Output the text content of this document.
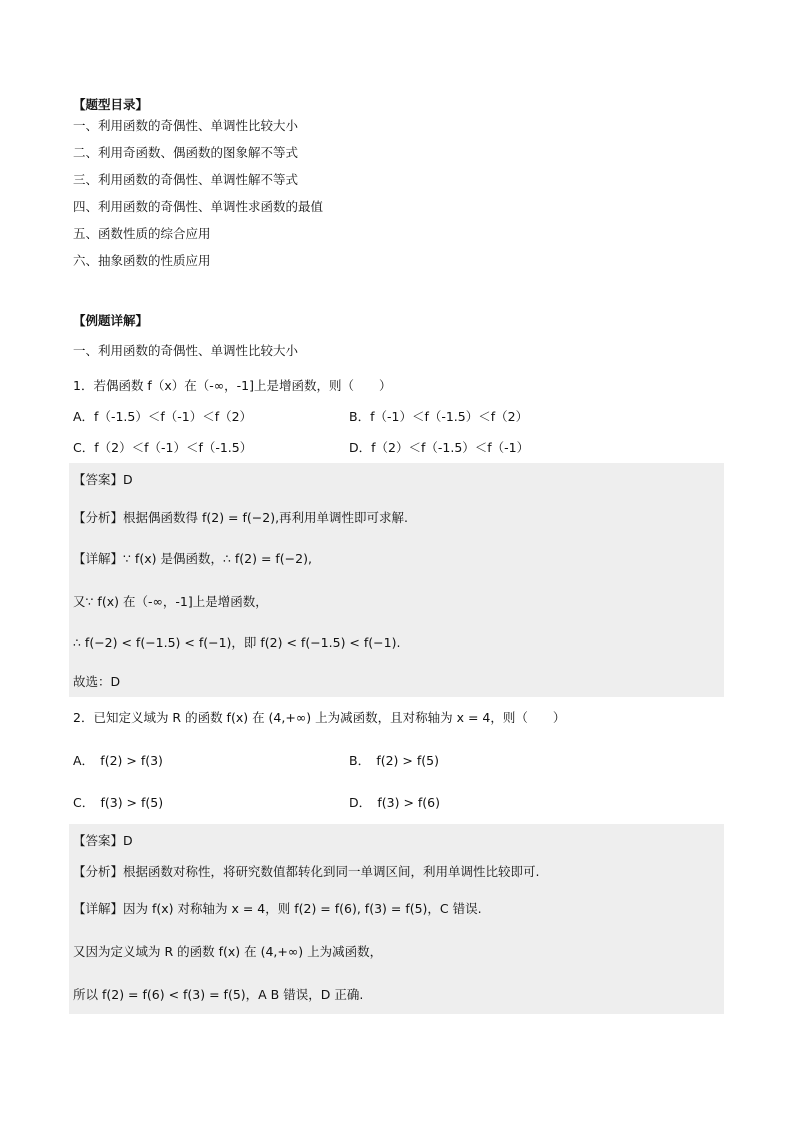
【题型目录】
一、利用函数的奇偶性、单调性比较大小
二、利用奇函数、偶函数的图象解不等式
三、利用函数的奇偶性、单调性解不等式
四、利用函数的奇偶性、单调性求函数的最值
五、函数性质的综合应用
六、抽象函数的性质应用
【例题详解】
一、利用函数的奇偶性、单调性比较大小
1．若偶函数 f（x）在（-∞，-1]上是增函数，则（　　）
A．f（-1.5）＜f（-1）＜f（2）	B．f（-1）＜f（-1.5）＜f（2）
C．f（2）＜f（-1）＜f（-1.5）	D．f（2）＜f（-1.5）＜f（-1）
【答案】D
【分析】根据偶函数得 f(2) = f(−2),再利用单调性即可求解.
【详解】∵ f(x) 是偶函数，∴ f(2) = f(−2),
又∵ f(x) 在（-∞，-1]上是增函数，
∴ f(−2) < f(−1.5) < f(−1)，即 f(2) < f(−1.5) < f(−1).
故选：D
2．已知定义域为 R 的函数 f(x) 在 (4,+∞) 上为减函数，且对称轴为 x = 4，则（　　）
A．　f(2) > f(3)	B．　f(2) > f(5)
C．　f(3) > f(5)	D．　f(3) > f(6)
【答案】D
【分析】根据函数对称性，将研究数值都转化到同一单调区间，利用单调性比较即可.
【详解】因为 f(x) 对称轴为 x = 4，则 f(2) = f(6), f(3) = f(5)，C 错误.
又因为定义域为 R 的函数 f(x) 在 (4,+∞) 上为减函数，
所以 f(2) = f(6) < f(3) = f(5)，A B 错误，D 正确.
